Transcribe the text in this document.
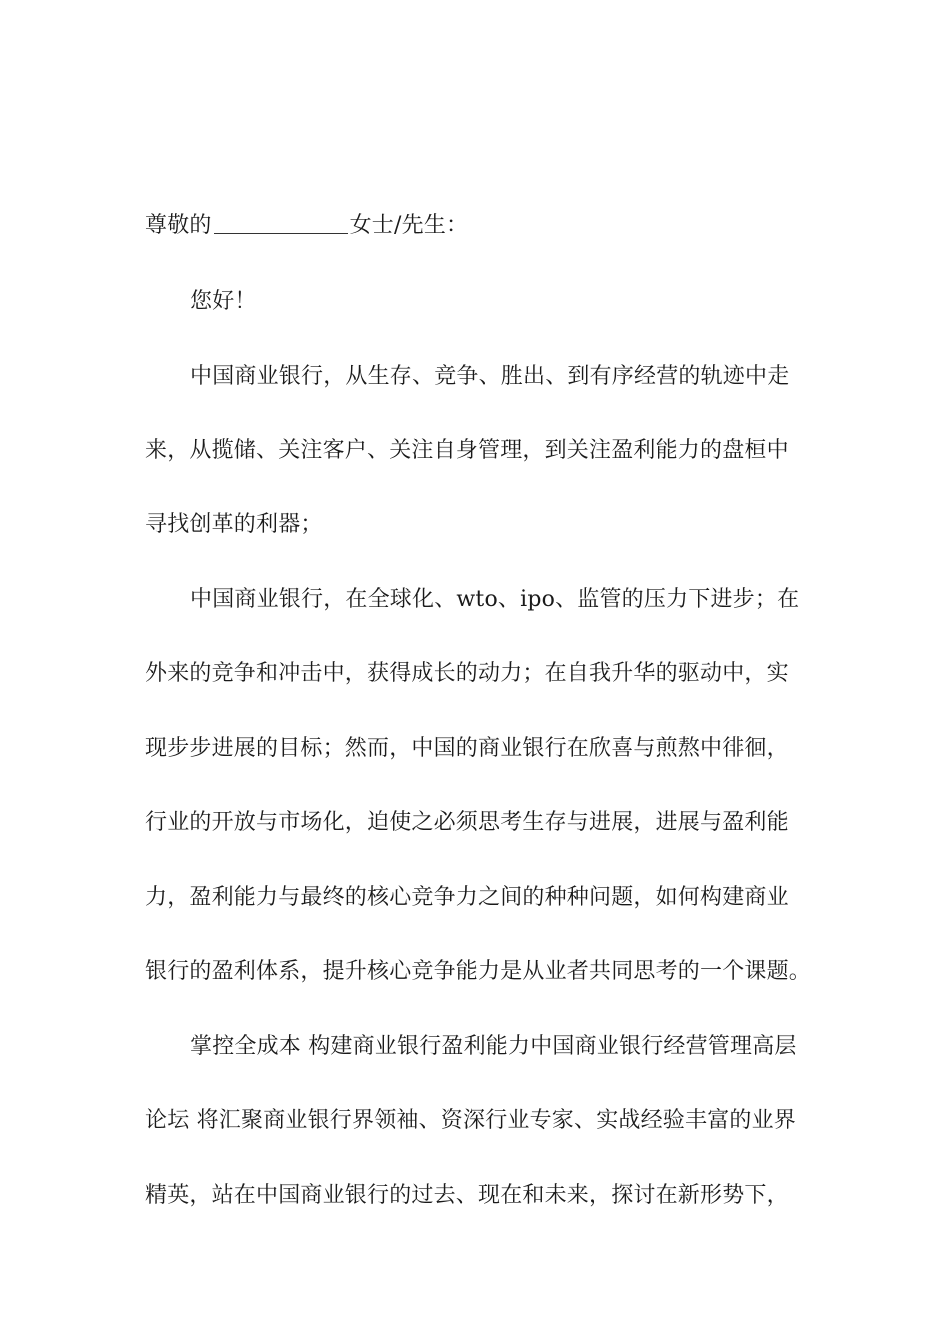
尊敬的	女士/先生：
您好！
中国商业银行，从生存、竞争、胜出、到有序经营的轨迹中走
来，从揽储、关注客户、关注自身管理，到关注盈利能力的盘桓中
寻找创革的利器；
中国商业银行，在全球化、wto、ipo、监管的压力下进步；在
外来的竞争和冲击中，获得成长的动力；在自我升华的驱动中，实
现步步进展的目标；然而，中国的商业银行在欣喜与煎熬中徘徊，
行业的开放与市场化，迫使之必须思考生存与进展，进展与盈利能
力，盈利能力与最终的核心竞争力之间的种种问题，如何构建商业
银行的盈利体系，提升核心竞争能力是从业者共同思考的一个课题。
掌控全成本 构建商业银行盈利能力中国商业银行经营管理高层
论坛 将汇聚商业银行界领袖、资深行业专家、实战经验丰富的业界
精英，站在中国商业银行的过去、现在和未来，探讨在新形势下，
